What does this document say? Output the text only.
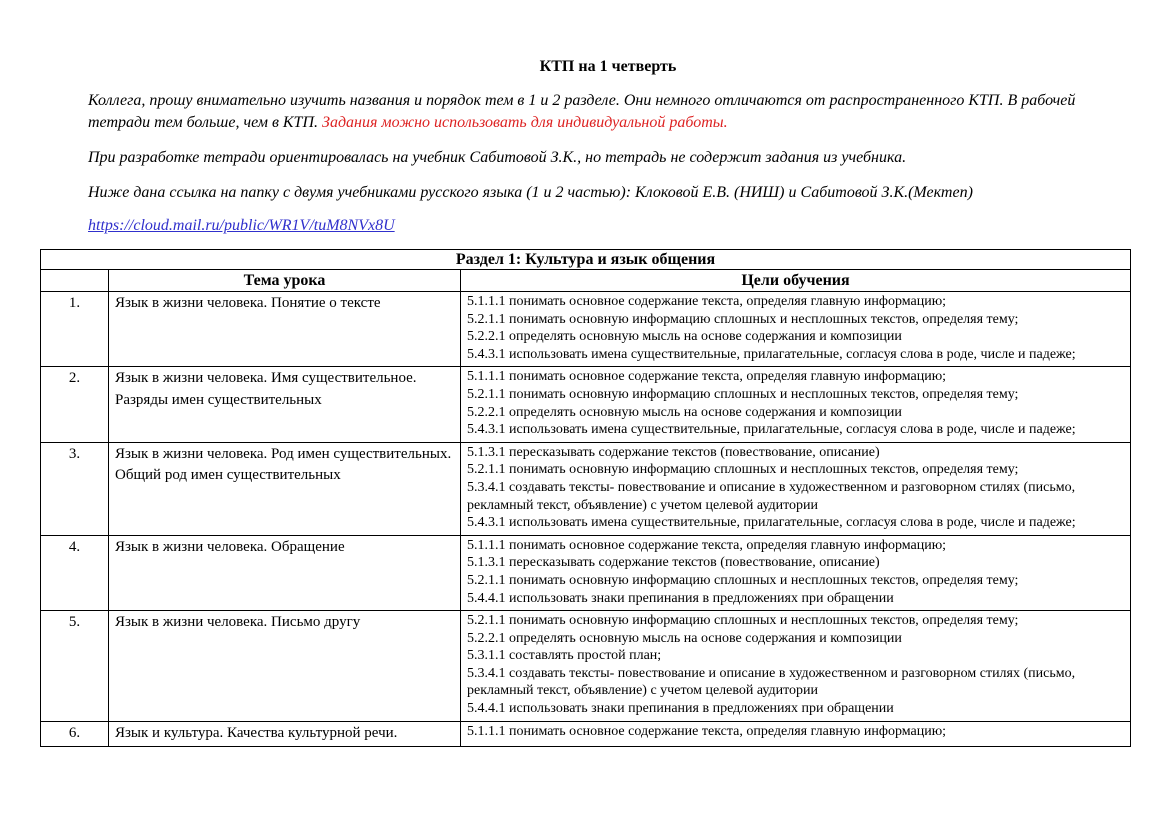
КТП на 1 четверть

Коллега, прошу внимательно изучить названия и порядок тем в 1 и 2 разделе. Они немного отличаются от распространенного КТП. В рабочей тетради тем больше, чем в КТП. Задания можно использовать для индивидуальной работы.

При разработке тетради ориентировалась на учебник Сабитовой З.К., но тетрадь не содержит задания из учебника.

Ниже дана ссылка на папку с двумя учебниками русского языка (1 и 2 частью): Клоковой Е.В. (НИШ) и Сабитовой З.К.(Мектеп)

https://cloud.mail.ru/public/WR1V/tuM8NVx8U

Раздел 1: Культура и язык общения		
	Тема урока	Цели обучения
1.	Язык в жизни человека. Понятие о тексте	5.1.1.1 понимать основное содержание текста, определяя главную информацию;
5.2.1.1 понимать основную информацию сплошных и несплошных текстов, определяя тему;
5.2.2.1 определять основную мысль на основе содержания и композиции
5.4.3.1 использовать имена существительные, прилагательные, согласуя слова в роде, числе и падеже;

2.	Язык в жизни человека. Имя существительное. Разряды имен существительных	5.1.1.1 понимать основное содержание текста, определяя главную информацию;
5.2.1.1 понимать основную информацию сплошных и несплошных текстов, определяя тему;
5.2.2.1 определять основную мысль на основе содержания и композиции
5.4.3.1 использовать имена существительные, прилагательные, согласуя слова в роде, числе и падеже;

3.	Язык в жизни человека. Род имен существительных. Общий род имен существительных	5.1.3.1 пересказывать содержание текстов (повествование, описание)
5.2.1.1 понимать основную информацию сплошных и несплошных текстов, определяя тему;
5.3.4.1 создавать тексты- повествование и описание в художественном и разговорном стилях (письмо, рекламный текст, объявление) с учетом целевой аудитории
5.4.3.1 использовать имена существительные, прилагательные, согласуя слова в роде, числе и падеже;

4.	Язык в жизни человека. Обращение	5.1.1.1 понимать основное содержание текста, определяя главную информацию;
5.1.3.1 пересказывать содержание текстов (повествование, описание)
5.2.1.1 понимать основную информацию сплошных и несплошных текстов, определяя тему;
5.4.4.1 использовать знаки препинания в предложениях при обращении

5.	Язык в жизни человека. Письмо другу	5.2.1.1 понимать основную информацию сплошных и несплошных текстов, определяя тему;
5.2.2.1 определять основную мысль на основе содержания и композиции
5.3.1.1 составлять простой план;
5.3.4.1 создавать тексты- повествование и описание в художественном и разговорном стилях (письмо, рекламный текст, объявление) с учетом целевой аудитории
5.4.4.1 использовать знаки препинания в предложениях при обращении

6.	Язык и культура. Качества культурной речи.	5.1.1.1 понимать основное содержание текста, определяя главную информацию;
